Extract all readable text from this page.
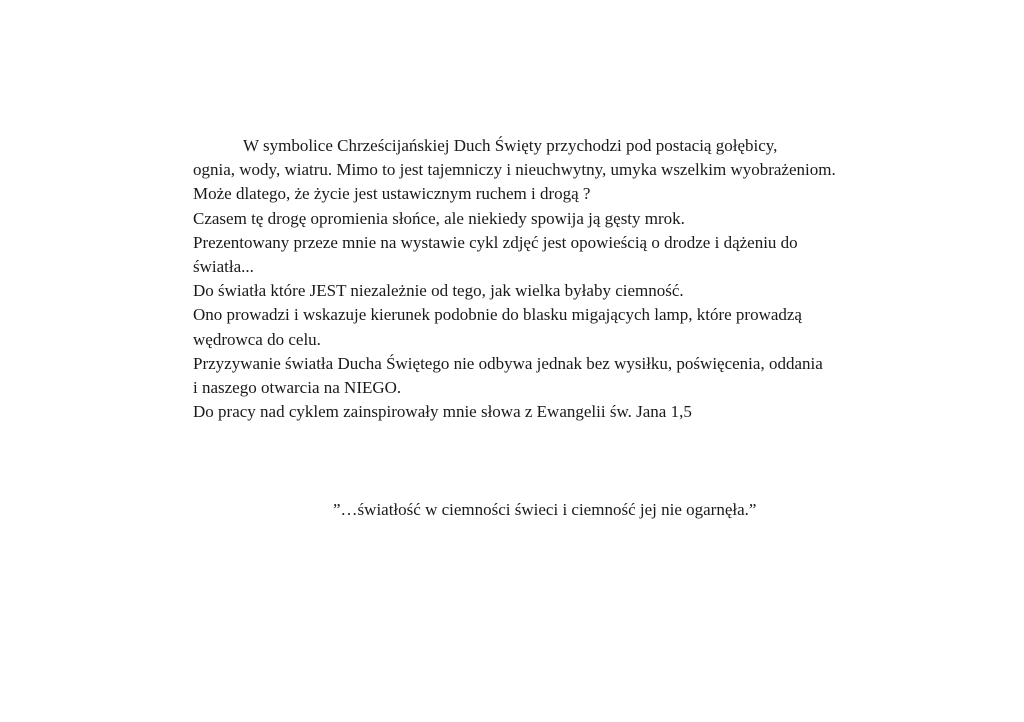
W symbolice Chrześcijańskiej Duch Święty przychodzi pod postacią gołębicy,
ognia, wody, wiatru. Mimo to jest tajemniczy i nieuchwytny, umyka wszelkim wyobrażeniom.
Może dlatego, że życie jest ustawicznym ruchem i drogą ?
Czasem tę drogę opromienia słońce, ale niekiedy spowija ją gęsty mrok.
Prezentowany przeze mnie na wystawie cykl zdjęć jest opowieścią o drodze i dążeniu do
światła...
Do światła które JEST niezależnie od tego, jak wielka byłaby ciemność.
Ono prowadzi i wskazuje kierunek podobnie do blasku migających lamp, które prowadzą
wędrowca do celu.
Przyzywanie światła Ducha Świętego nie odbywa jednak bez wysiłku, poświęcenia, oddania
i naszego otwarcia na NIEGO.
Do pracy nad cyklem zainspirowały mnie słowa z Ewangelii św. Jana 1,5
”…światłość w ciemności świeci i ciemność jej nie ogarnęła.”
